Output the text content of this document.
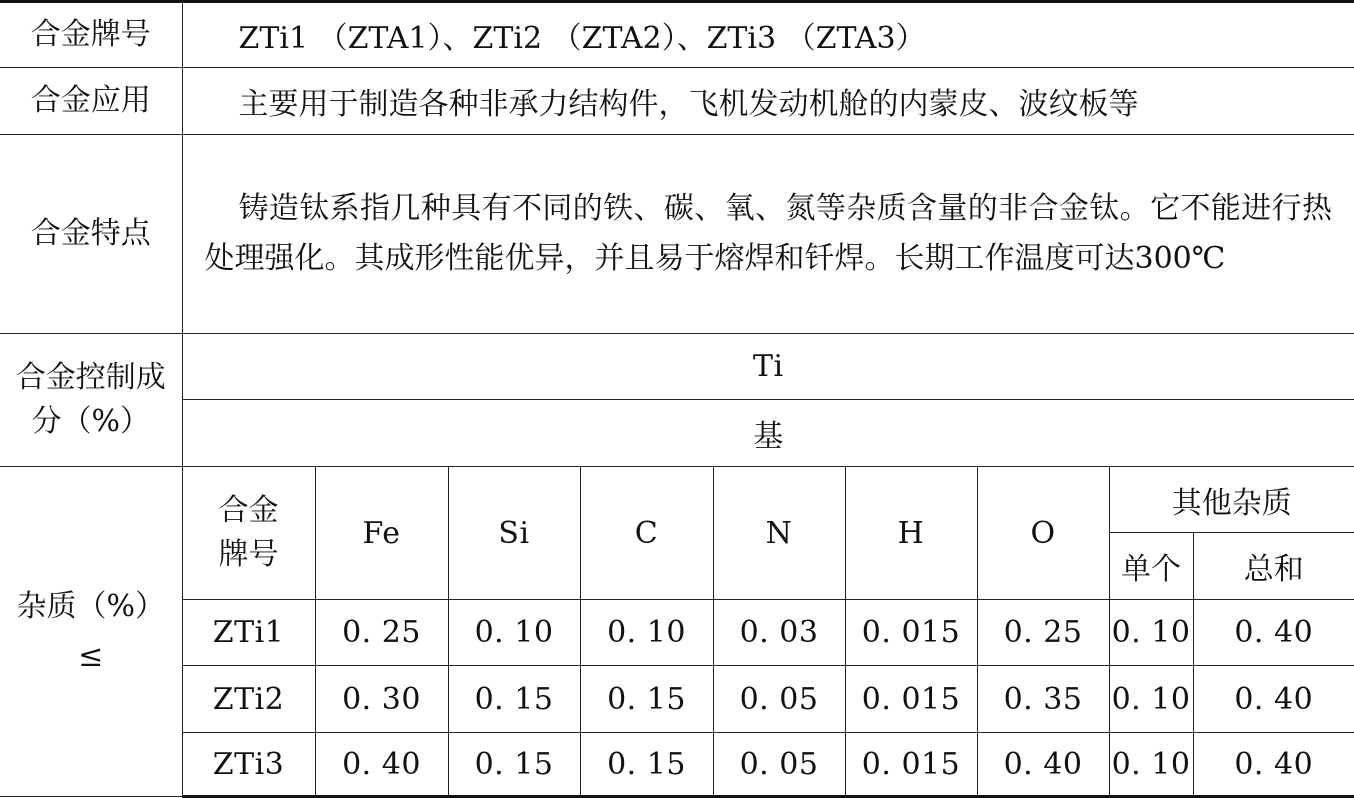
合金牌号	ZTi1 （ZTA1）、ZTi2 （ZTA2）、ZTi3 （ZTA3）								
合金应用	主要用于制造各种非承力结构件，飞机发动机舱的内蒙皮、波纹板等								
合金特点	铸造钛系指几种具有不同的铁、碳、氧、氮等杂质含量的非合金钛。它不能进行热处理强化。其成形性能优异，并且易于熔焊和钎焊。长期工作温度可达300℃								
合金控制成分（%）	Ti								
	基								

杂质（%）
≤	合金牌号	Fe	Si	C	N	H	O	其他杂质	
								单个	总和
	ZTi1	0. 25	0. 10	0. 10	0. 03	0. 015	0. 25	0. 10	0. 40
	ZTi2	0. 30	0. 15	0. 15	0. 05	0. 015	0. 35	0. 10	0. 40
	ZTi3	0. 40	0. 15	0. 15	0. 05	0. 015	0. 40	0. 10	0. 40
